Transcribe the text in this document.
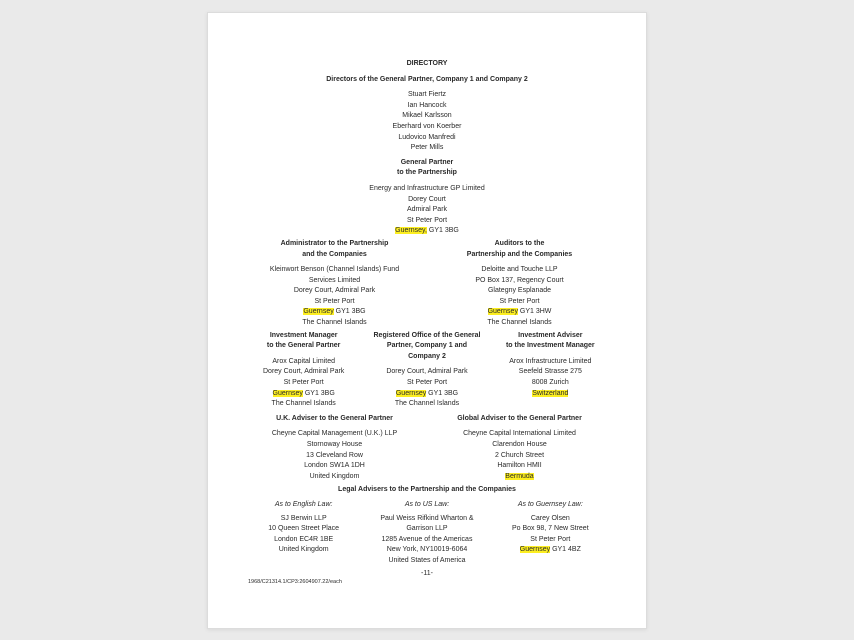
DIRECTORY
Directors of the General Partner, Company 1 and Company 2
Stuart Fiertz
Ian Hancock
Mikael Karlsson
Eberhard von Koerber
Ludovico Manfredi
Peter Mills
General Partner
to the Partnership
Energy and Infrastructure GP Limited
Dorey Court
Admiral Park
St Peter Port
Guernsey, GY1 3BG
Administrator to the Partnership
and the Companies
Kleinwort Benson (Channel Islands) Fund
Services Limited
Dorey Court, Admiral Park
St Peter Port
Guernsey GY1 3BG
The Channel Islands
Auditors to the
Partnership and the Companies
Deloitte and Touche LLP
PO Box 137, Regency Court
Glategny Esplanade
St Peter Port
Guernsey GY1 3HW
The Channel Islands
Investment Manager
to the General Partner
Arox Capital Limited
Dorey Court, Admiral Park
St Peter Port
Guernsey GY1 3BG
The Channel Islands
Registered Office of the General
Partner, Company 1 and
Company 2
Dorey Court, Admiral Park
St Peter Port
Guernsey GY1 3BG
The Channel Islands
Investment Adviser
to the Investment Manager
Arox Infrastructure Limited
Seefeld Strasse 275
8008 Zurich
Switzerland
U.K. Adviser to the General Partner
Cheyne Capital Management (U.K.) LLP
Stornoway House
13 Cleveland Row
London SW1A 1DH
United Kingdom
Global Adviser to the General Partner
Cheyne Capital International Limited
Clarendon House
2 Church Street
Hamilton HMII
Bermuda
Legal Advisers to the Partnership and the Companies
As to English Law:
SJ Berwin LLP
10 Queen Street Place
London EC4R 1BE
United Kingdom
As to US Law:
Paul Weiss Rifkind Wharton &
Garrison LLP
1285 Avenue of the Americas
New York, NY10019-6064
United States of America
As to Guernsey Law:
Carey Olsen
Po Box 98, 7 New Street
St Peter Port
Guernsey GY1 4BZ
-11-
1968/C21314.1/CP3:2604907.22/each
